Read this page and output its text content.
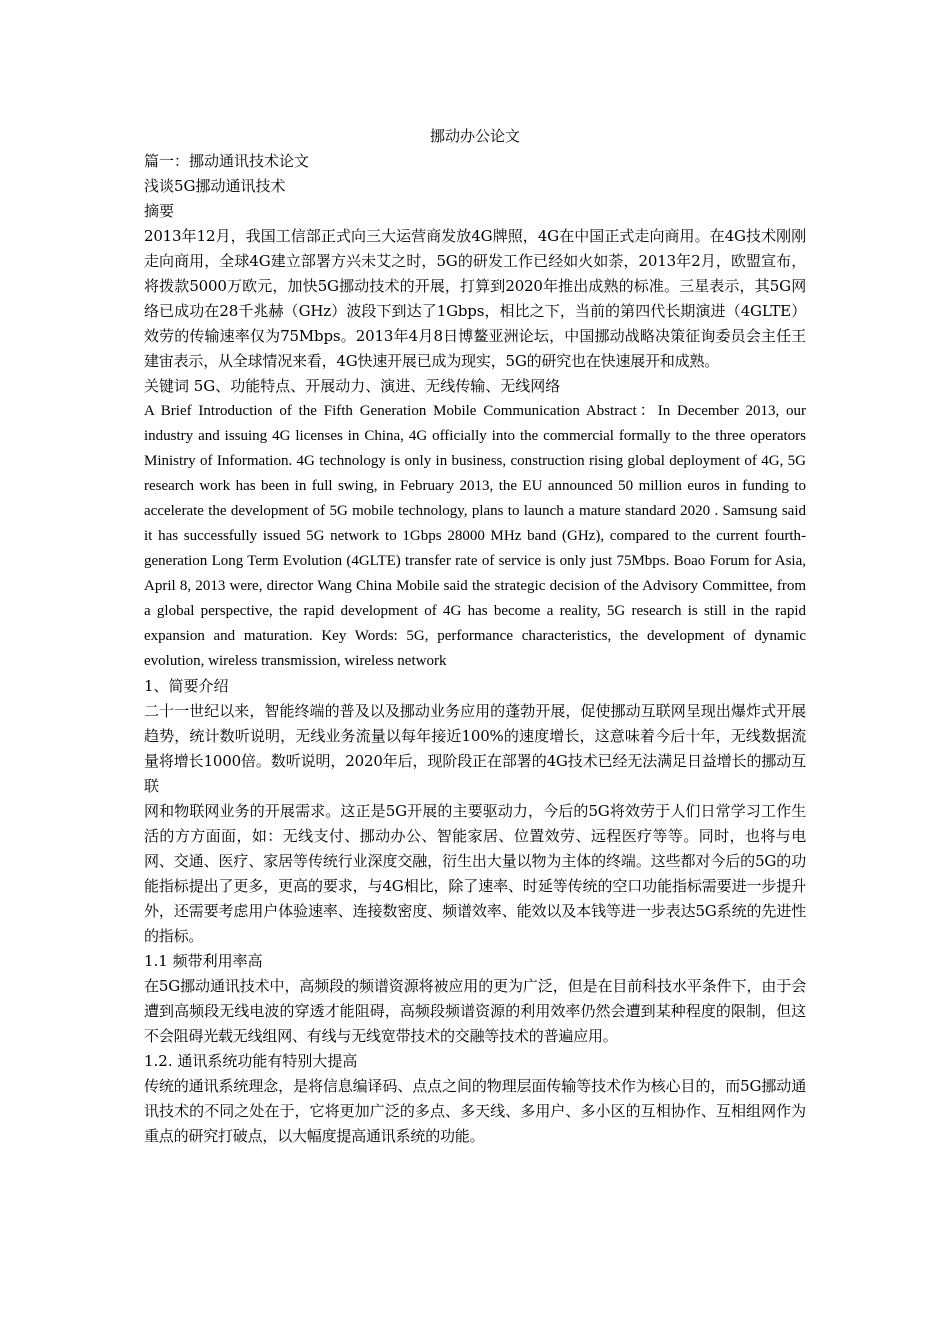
挪动办公论文

篇一：挪动通讯技术论文

浅谈5G挪动通讯技术

摘要

2013年12月，我国工信部正式向三大运营商发放4G牌照，4G在中国正式走向商用。在4G技术刚刚走向商用，全球4G建立部署方兴未艾之时，5G的研发工作已经如火如荼，2013年2月，欧盟宣布，将拨款5000万欧元，加快5G挪动技术的开展，打算到2020年推出成熟的标准。三星表示，其5G网络已成功在28千兆赫（GHz）波段下到达了1Gbps，相比之下，当前的第四代长期演进（4GLTE）效劳的传输速率仅为75Mbps。2013年4月8日博鳌亚洲论坛，中国挪动战略决策征询委员会主任王建宙表示，从全球情况来看，4G快速开展已成为现实，5G的研究也在快速展开和成熟。

关键词 5G、功能特点、开展动力、演进、无线传输、无线网络

A Brief Introduction of the Fifth Generation Mobile Communication Abstract：In December 2013, our industry and issuing 4G licenses in China, 4G officially into the commercial formally to the three operators Ministry of Information. 4G technology is only in business, construction rising global deployment of 4G, 5G research work has been in full swing, in February 2013, the EU announced 50 million euros in funding to accelerate the development of 5G mobile technology, plans to launch a mature standard 2020 . Samsung said it has successfully issued 5G network to 1Gbps 28000 MHz band (GHz), compared to the current fourth-generation Long Term Evolution (4GLTE) transfer rate of service is only just 75Mbps. Boao Forum for Asia, April 8, 2013 were, director Wang China Mobile said the strategic decision of the Advisory Committee, from a global perspective, the rapid development of 4G has become a reality, 5G research is still in the rapid expansion and maturation. Key Words: 5G, performance characteristics, the development of dynamic evolution, wireless transmission, wireless network

1、简要介绍

二十一世纪以来，智能终端的普及以及挪动业务应用的蓬勃开展，促使挪动互联网呈现出爆炸式开展趋势，统计数听说明，无线业务流量以每年接近100%的速度增长，这意味着今后十年，无线数据流量将增长1000倍。数听说明，2020年后，现阶段正在部署的4G技术已经无法满足日益增长的挪动互联

网和物联网业务的开展需求。这正是5G开展的主要驱动力，今后的5G将效劳于人们日常学习工作生活的方方面面，如：无线支付、挪动办公、智能家居、位置效劳、远程医疗等等。同时，也将与电网、交通、医疗、家居等传统行业深度交融，衍生出大量以物为主体的终端。这些都对今后的5G的功能指标提出了更多，更高的要求，与4G相比，除了速率、时延等传统的空口功能指标需要进一步提升外，还需要考虑用户体验速率、连接数密度、频谱效率、能效以及本钱等进一步表达5G系统的先进性的指标。

1.1 频带利用率高

在5G挪动通讯技术中，高频段的频谱资源将被应用的更为广泛，但是在目前科技水平条件下，由于会遭到高频段无线电波的穿透才能阻碍，高频段频谱资源的利用效率仍然会遭到某种程度的限制，但这不会阻碍光载无线组网、有线与无线宽带技术的交融等技术的普遍应用。

1.2. 通讯系统功能有特别大提高

传统的通讯系统理念，是将信息编译码、点点之间的物理层面传输等技术作为核心目的，而5G挪动通讯技术的不同之处在于，它将更加广泛的多点、多天线、多用户、多小区的互相协作、互相组网作为重点的研究打破点，以大幅度提高通讯系统的功能。
